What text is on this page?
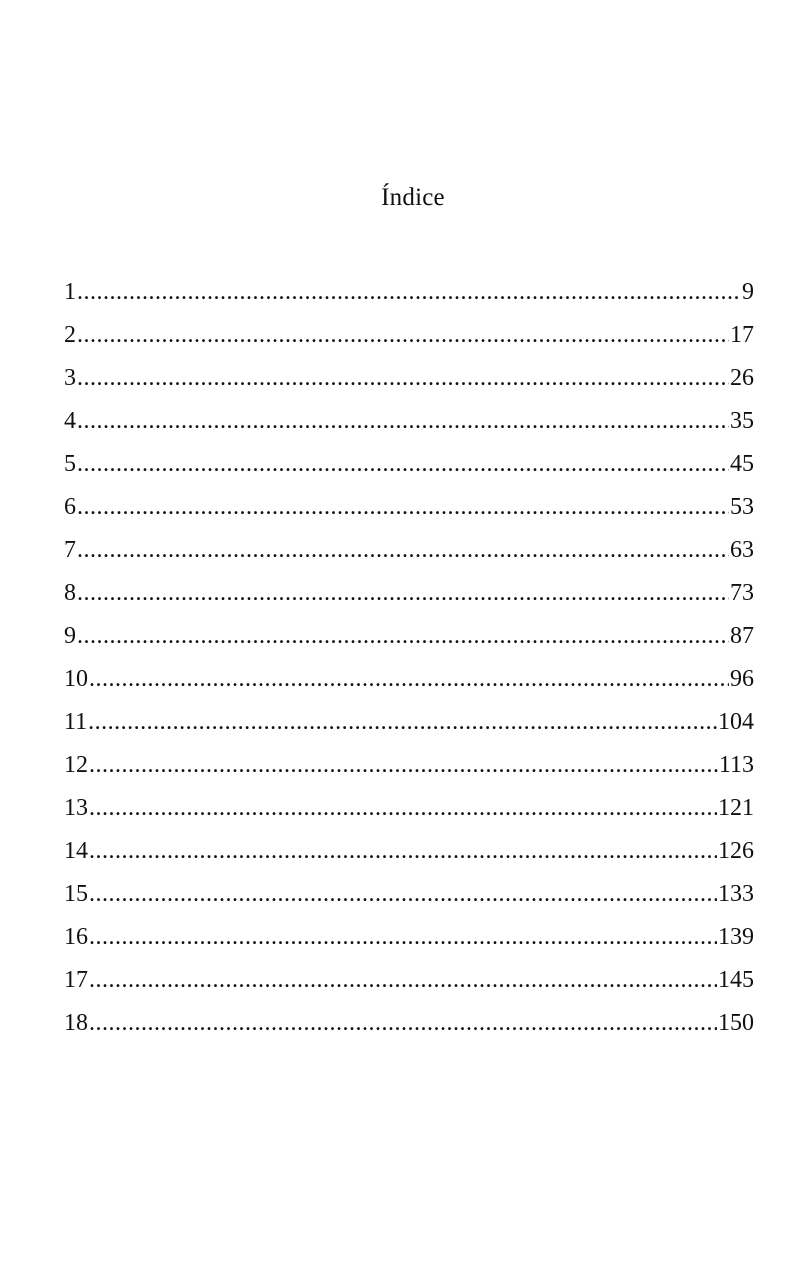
Índice
1 .....	9
2 .....	17
3 .....	26
4 .....	35
5 .....	45
6 .....	53
7 .....	63
8 .....	73
9 .....	87
10 .....	96
11 .....	104
12 .....	113
13 .....	121
14 .....	126
15 .....	133
16 .....	139
17 .....	145
18 .....	150
